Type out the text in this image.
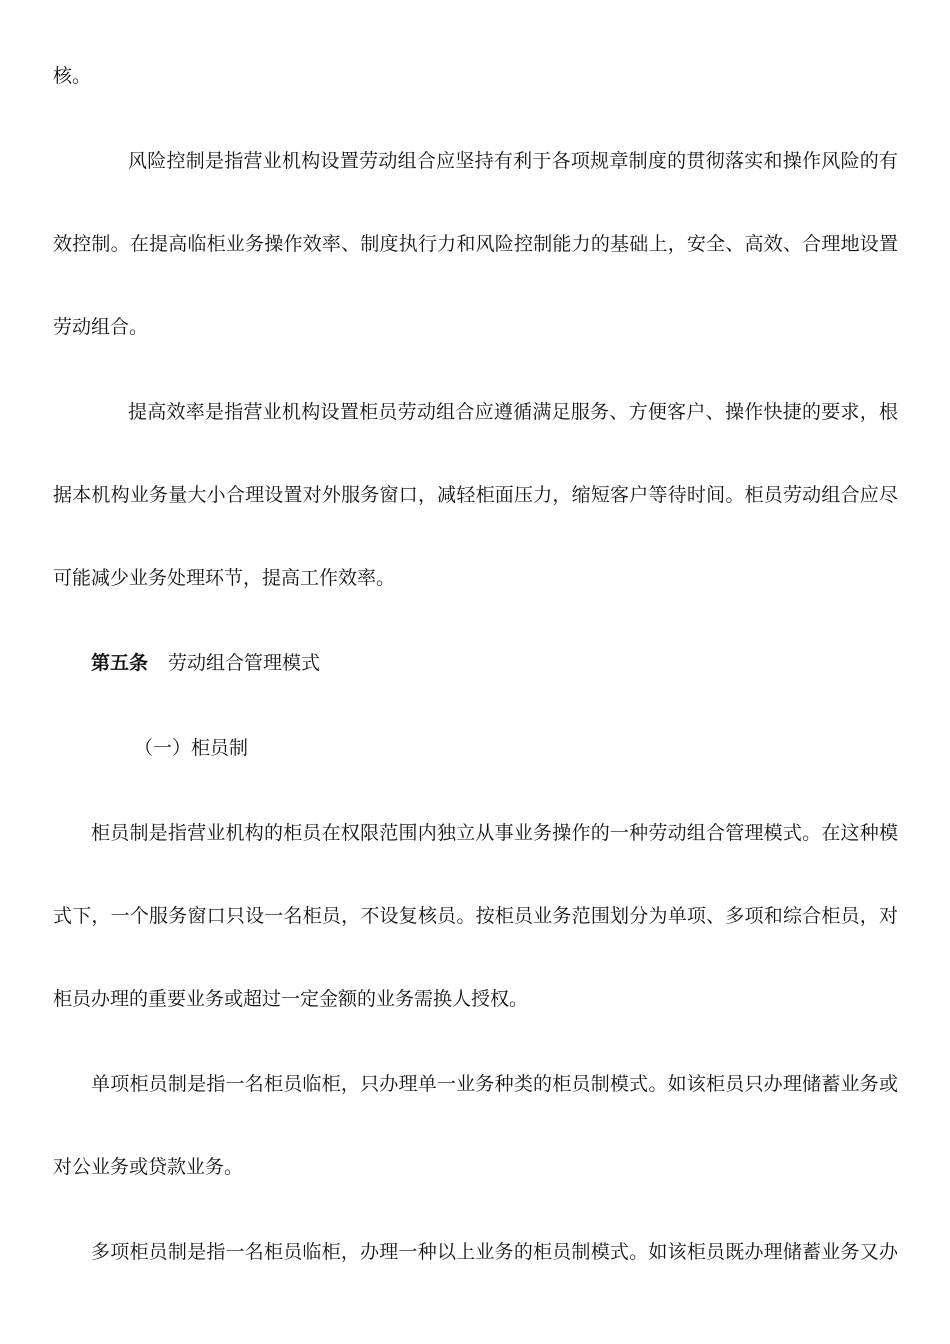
核。
风险控制是指营业机构设置劳动组合应坚持有利于各项规章制度的贯彻落实和操作风险的有
效控制。在提高临柜业务操作效率、制度执行力和风险控制能力的基础上，安全、高效、合理地设置
劳动组合。
提高效率是指营业机构设置柜员劳动组合应遵循满足服务、方便客户、操作快捷的要求，根
据本机构业务量大小合理设置对外服务窗口，减轻柜面压力，缩短客户等待时间。柜员劳动组合应尽
可能减少业务处理环节，提高工作效率。
第五条 劳动组合管理模式
（一）柜员制
柜员制是指营业机构的柜员在权限范围内独立从事业务操作的一种劳动组合管理模式。在这种模
式下，一个服务窗口只设一名柜员，不设复核员。按柜员业务范围划分为单项、多项和综合柜员，对
柜员办理的重要业务或超过一定金额的业务需换人授权。
单项柜员制是指一名柜员临柜，只办理单一业务种类的柜员制模式。如该柜员只办理储蓄业务或
对公业务或贷款业务。
多项柜员制是指一名柜员临柜，办理一种以上业务的柜员制模式。如该柜员既办理储蓄业务又办
